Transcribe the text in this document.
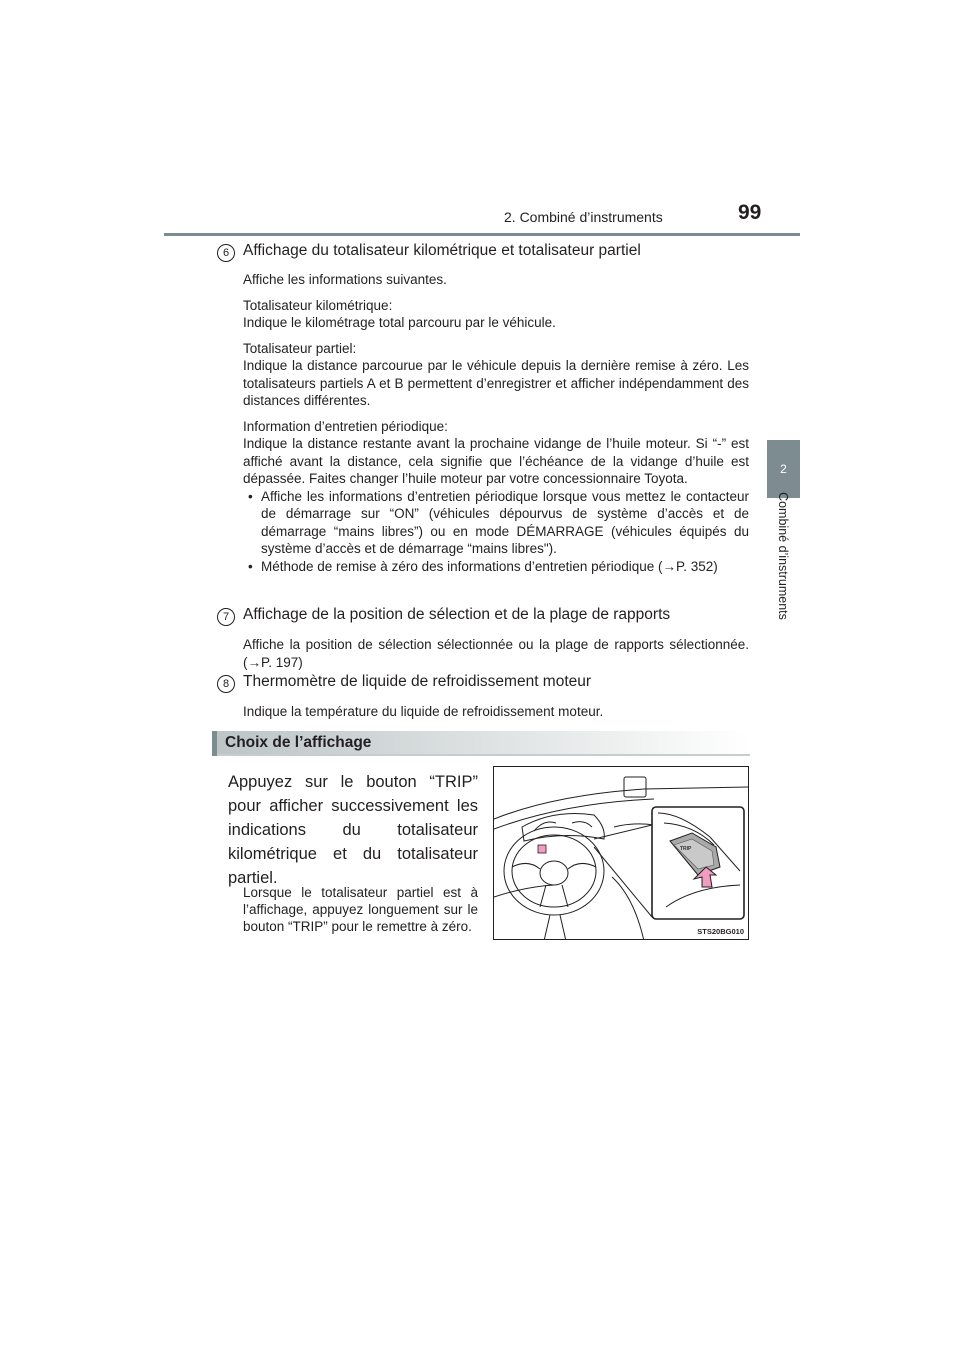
2. Combiné d’instruments	99
2
Combiné d’instruments
6 Affichage du totalisateur kilométrique et totalisateur partiel

Affiche les informations suivantes.

Totalisateur kilométrique:

Indique le kilométrage total parcouru par le véhicule.

Totalisateur partiel:

Indique la distance parcourue par le véhicule depuis la dernière remise à zéro. Les totalisateurs partiels A et B permettent d’enregistrer et afficher indépendamment des distances différentes.

Information d’entretien périodique:

Indique la distance restante avant la prochaine vidange de l’huile moteur. Si “-” est affiché avant la distance, cela signifie que l’échéance de la vidange d’huile est dépassée. Faites changer l’huile moteur par votre concessionnaire Toyota.

• Affiche les informations d’entretien périodique lorsque vous mettez le contacteur de démarrage sur “ON” (véhicules dépourvus de système d’accès et de démarrage “mains libres”) ou en mode DÉMARRAGE (véhicules équipés du système d’accès et de démarrage “mains libres").

• Méthode de remise à zéro des informations d’entretien périodique (→P. 352)

7 Affichage de la position de sélection et de la plage de rapports

Affiche la position de sélection sélectionnée ou la plage de rapports sélectionnée. (→P. 197)

8 Thermomètre de liquide de refroidissement moteur

Indique la température du liquide de refroidissement moteur.

Choix de l’affichage
Appuyez sur le bouton “TRIP” pour afficher successivement les indications du totalisateur kilométrique et du totalisateur partiel.
Lorsque le totalisateur partiel est à l’affichage, appuyez longuement sur le bouton “TRIP” pour le remettre à zéro.
TRIP
STS20BG010
